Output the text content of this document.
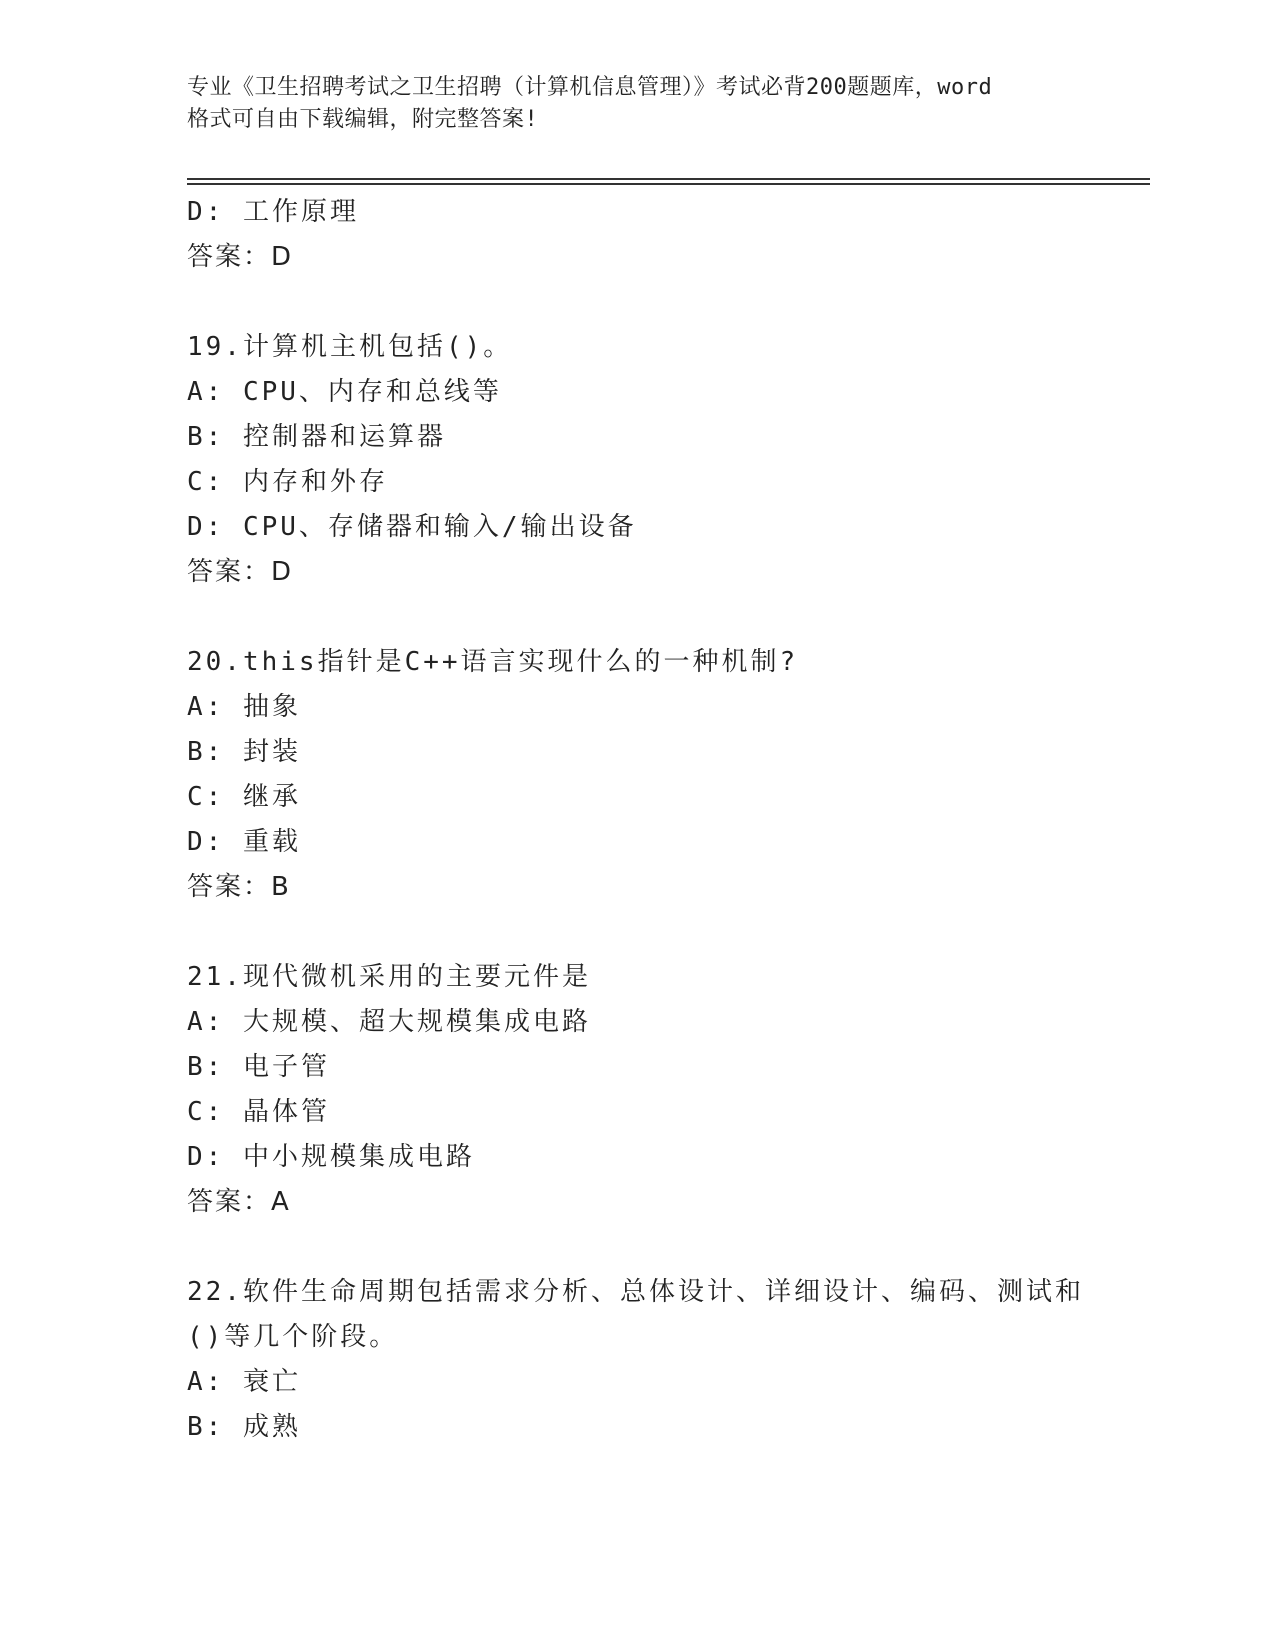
专业《卫生招聘考试之卫生招聘（计算机信息管理）》考试必背200题题库，word
格式可自由下载编辑，附完整答案!
D: 工作原理
答案：D
19.计算机主机包括()。
A: CPU、内存和总线等
B: 控制器和运算器
C: 内存和外存
D: CPU、存储器和输入/输出设备
答案：D
20.this指针是C++语言实现什么的一种机制?
A: 抽象
B: 封装
C: 继承
D: 重载
答案：B
21.现代微机采用的主要元件是
A: 大规模、超大规模集成电路
B: 电子管
C: 晶体管
D: 中小规模集成电路
答案：A
22.软件生命周期包括需求分析、总体设计、详细设计、编码、测试和
()等几个阶段。
A: 衰亡
B: 成熟
